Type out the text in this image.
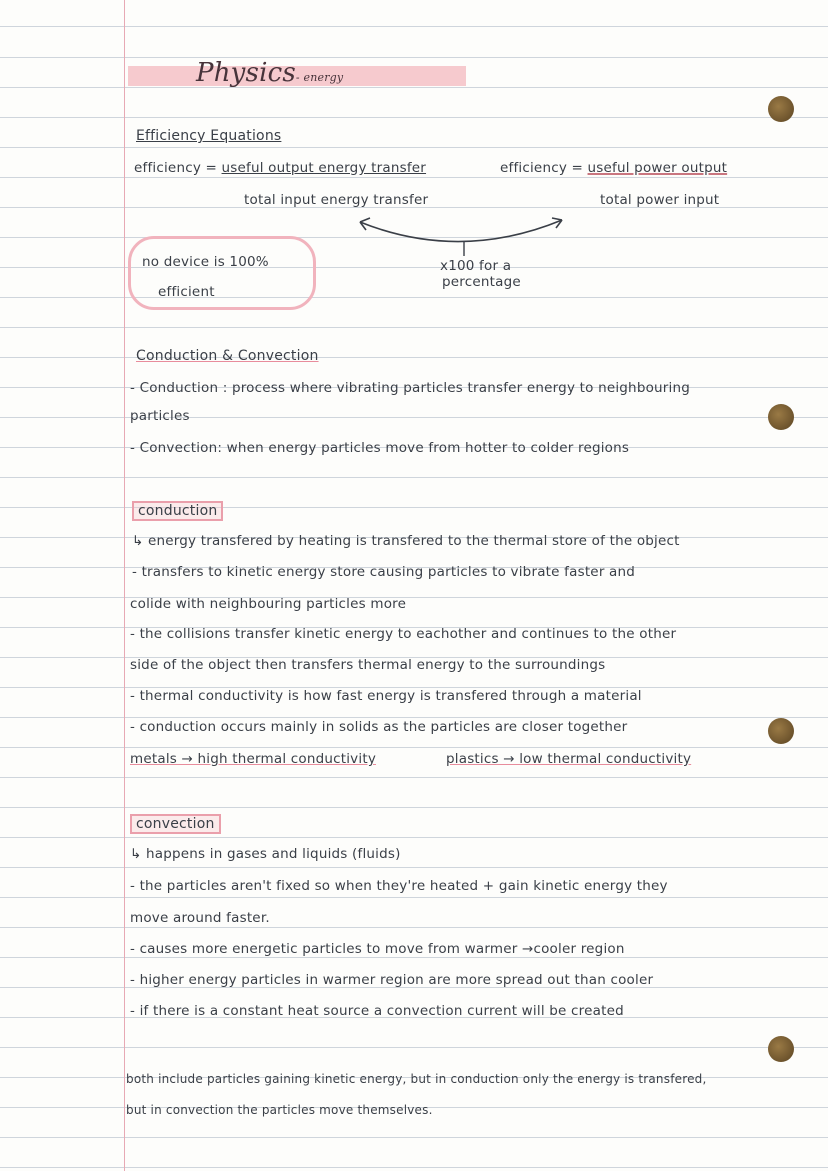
Physics- energy
Efficiency Equations
efficiency = useful output energy transfer
total input energy transfer
efficiency = useful power output
total power input
x100 for a
percentage
no device is 100%
efficient
Conduction & Convection
- Conduction : process where vibrating particles transfer energy to neighbouring
particles
- Convection: when energy particles move from hotter to colder regions
conduction
↳ energy transfered by heating is transfered to the thermal store of the object
- transfers to kinetic energy store causing particles to vibrate faster and
colide with neighbouring particles more
- the collisions transfer kinetic energy to eachother and continues to the other
side of the object then transfers thermal energy to the surroundings
- thermal conductivity is how fast energy is transfered through a material
- conduction occurs mainly in solids as the particles are closer together
metals → high thermal conductivity	plastics → low thermal conductivity
convection
↳ happens in gases and liquids (fluids)
- the particles aren't fixed so when they're heated + gain kinetic energy they
move around faster.
- causes more energetic particles to move from warmer →cooler region
- higher energy particles in warmer region are more spread out than cooler
- if there is a constant heat source a convection current will be created
both include particles gaining kinetic energy, but in conduction only the energy is transfered,
but in convection the particles move themselves.
